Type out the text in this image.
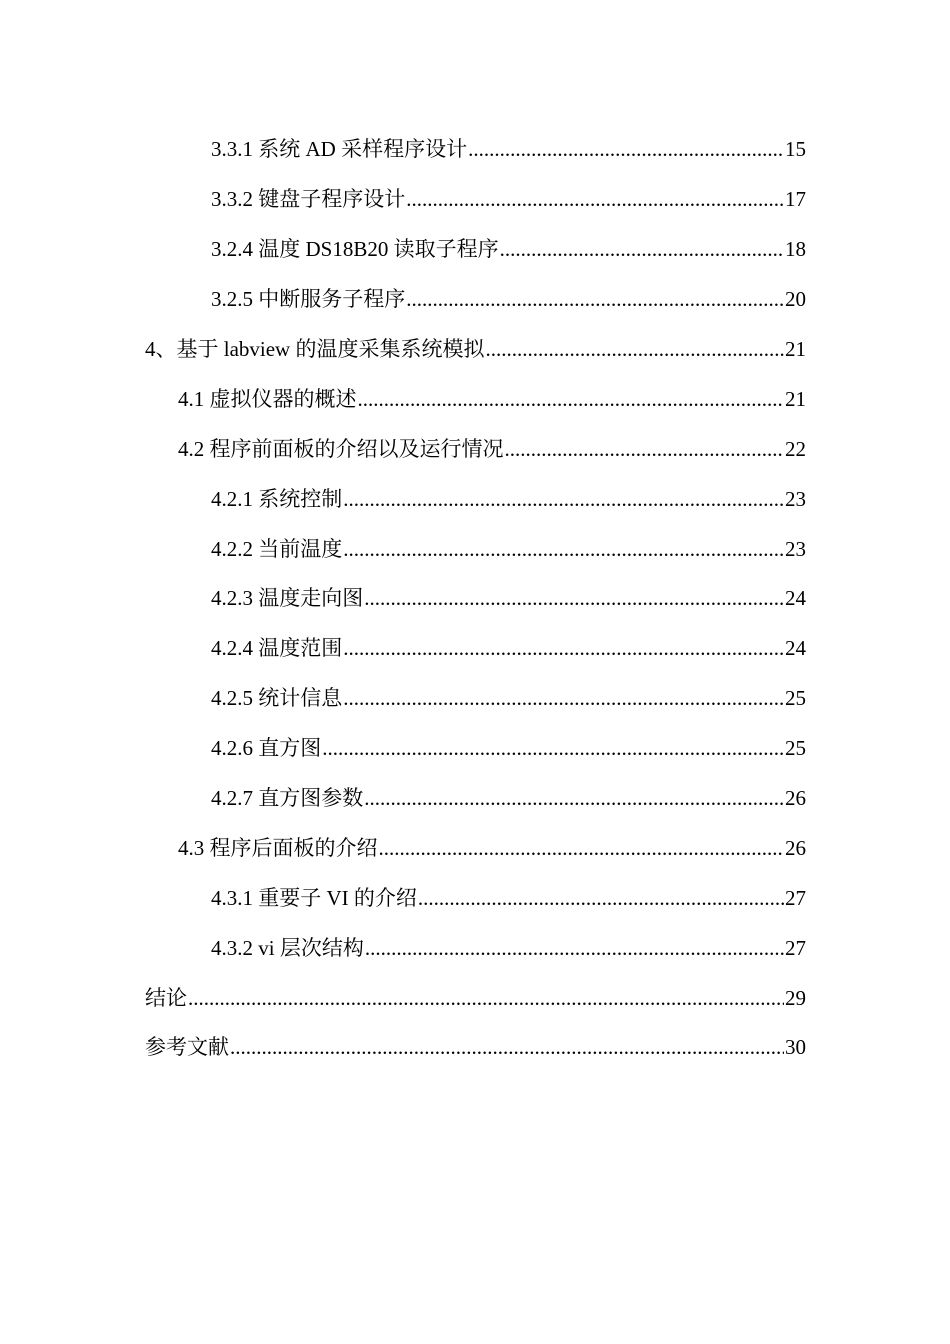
3.3.1 系统 AD 采样程序设计 .....	15
3.3.2 键盘子程序设计 .....	17
3.2.4 温度 DS18B20 读取子程序 .....	18
3.2.5 中断服务子程序 .....	20
4、基于 labview 的温度采集系统模拟 .....	21
4.1 虚拟仪器的概述 .....	21
4.2 程序前面板的介绍以及运行情况 .....	22
4.2.1 系统控制 .....	23
4.2.2 当前温度 .....	23
4.2.3 温度走向图 .....	24
4.2.4 温度范围 .....	24
4.2.5 统计信息 .....	25
4.2.6 直方图 .....	25
4.2.7 直方图参数 .....	26
4.3 程序后面板的介绍 .....	26
4.3.1 重要子 VI 的介绍 .....	27
4.3.2 vi 层次结构 .....	27
结论 .....	29
参考文献 .....	30
